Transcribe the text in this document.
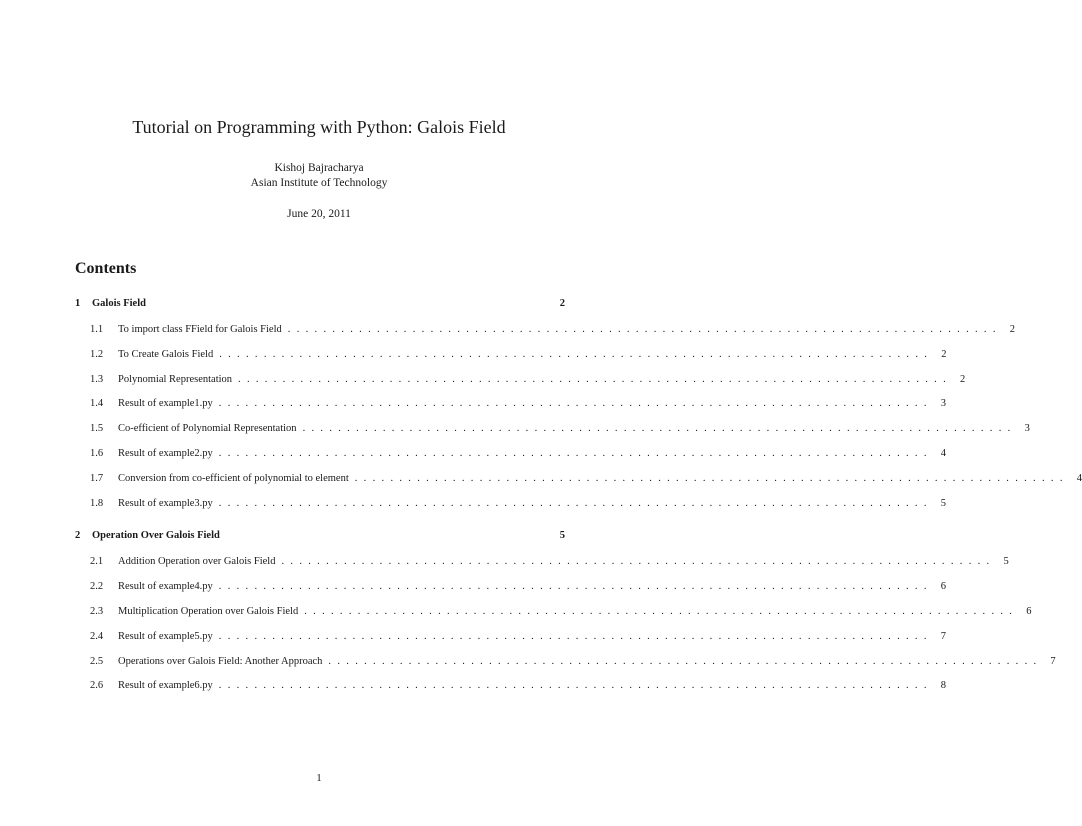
Tutorial on Programming with Python: Galois Field
Kishoj Bajracharya
Asian Institute of Technology
June 20, 2011
Contents
1	Galois Field	2
1.1 To import class FField for Galois Field ................................................................................ 2
1.2 To Create Galois Field ................................................................................ 2
1.3 Polynomial Representation ................................................................................ 2
1.4 Result of example1.py ................................................................................ 3
1.5 Co-efficient of Polynomial Representation ................................................................................ 3
1.6 Result of example2.py ................................................................................ 4
1.7 Conversion from co-efficient of polynomial to element ................................................................................ 4
1.8 Result of example3.py ................................................................................ 5
2	Operation Over Galois Field	5
2.1 Addition Operation over Galois Field ................................................................................ 5
2.2 Result of example4.py ................................................................................ 6
2.3 Multiplication Operation over Galois Field ................................................................................ 6
2.4 Result of example5.py ................................................................................ 7
2.5 Operations over Galois Field: Another Approach ................................................................................ 7
2.6 Result of example6.py ................................................................................ 8
1
